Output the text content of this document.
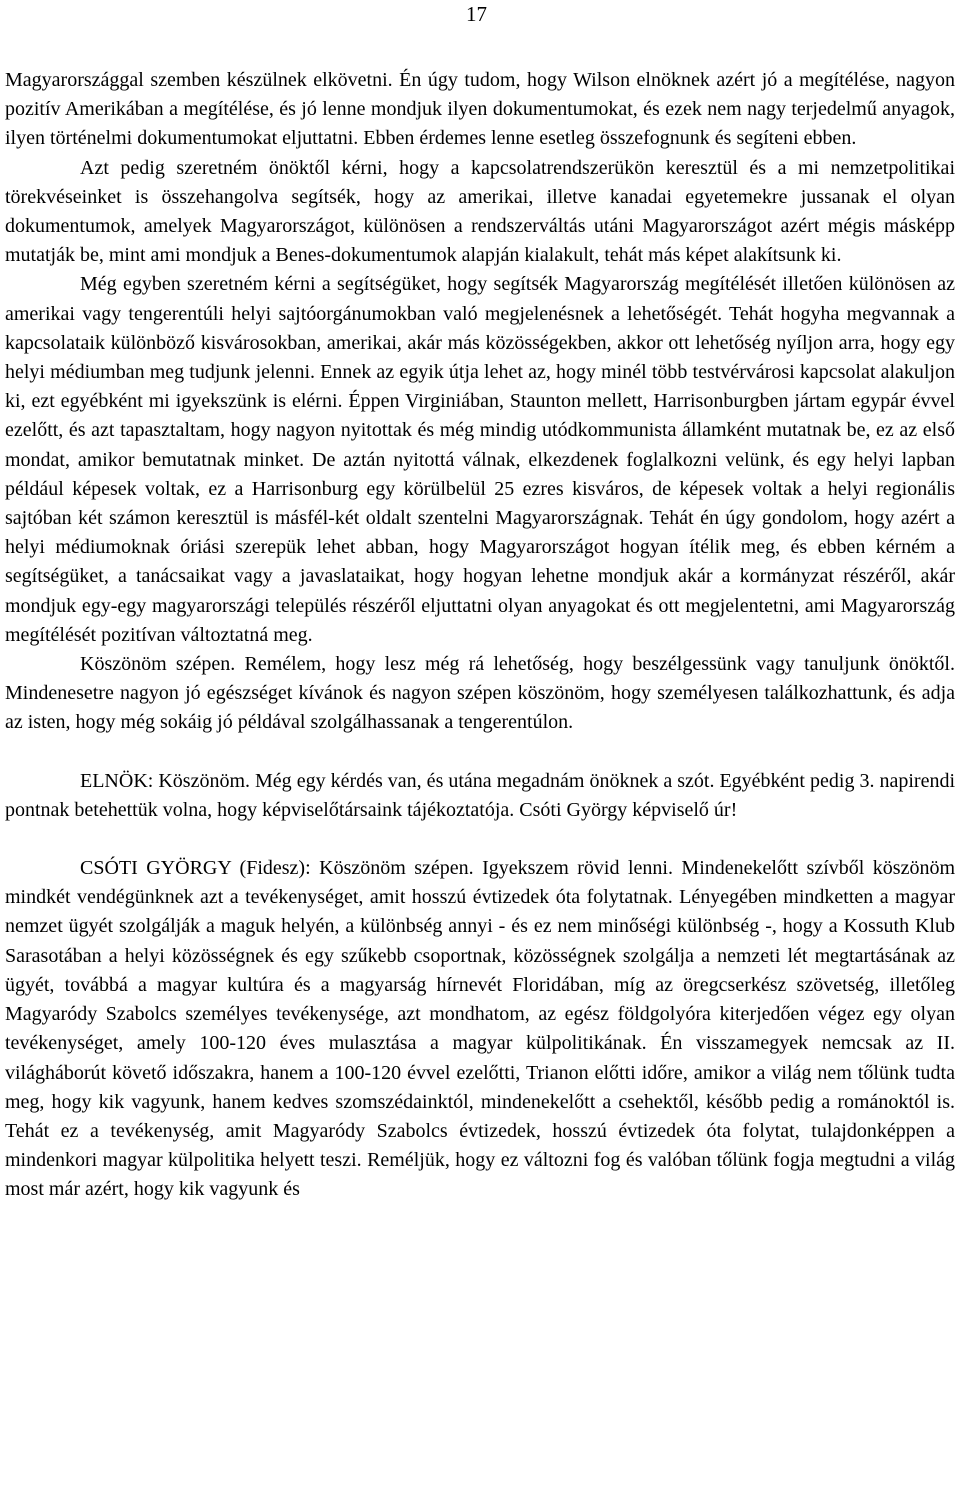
17

Magyarországgal szemben készülnek elkövetni. Én úgy tudom, hogy Wilson elnöknek azért jó a megítélése, nagyon pozitív Amerikában a megítélése, és jó lenne mondjuk ilyen dokumentumokat, és ezek nem nagy terjedelmű anyagok, ilyen történelmi dokumentumokat eljuttatni. Ebben érdemes lenne esetleg összefognunk és segíteni ebben.

Azt pedig szeretném önöktől kérni, hogy a kapcsolatrendszerükön keresztül és a mi nemzetpolitikai törekvéseinket is összehangolva segítsék, hogy az amerikai, illetve kanadai egyetemekre jussanak el olyan dokumentumok, amelyek Magyarországot, különösen a rendszerváltás utáni Magyarországot azért mégis másképp mutatják be, mint ami mondjuk a Benes-dokumentumok alapján kialakult, tehát más képet alakítsunk ki.

Még egyben szeretném kérni a segítségüket, hogy segítsék Magyarország megítélését illetően különösen az amerikai vagy tengerentúli helyi sajtóorgánumokban való megjelenésnek a lehetőségét. Tehát hogyha megvannak a kapcsolataik különböző kisvárosokban, amerikai, akár más közösségekben, akkor ott lehetőség nyíljon arra, hogy egy helyi médiumban meg tudjunk jelenni. Ennek az egyik útja lehet az, hogy minél több testvérvárosi kapcsolat alakuljon ki, ezt egyébként mi igyekszünk is elérni. Éppen Virginiában, Staunton mellett, Harrisonburgben jártam egypár évvel ezelőtt, és azt tapasztaltam, hogy nagyon nyitottak és még mindig utódkommunista államként mutatnak be, ez az első mondat, amikor bemutatnak minket. De aztán nyitottá válnak, elkezdenek foglalkozni velünk, és egy helyi lapban például képesek voltak, ez a Harrisonburg egy körülbelül 25 ezres kisváros, de képesek voltak a helyi regionális sajtóban két számon keresztül is másfél-két oldalt szentelni Magyarországnak. Tehát én úgy gondolom, hogy azért a helyi médiumoknak óriási szerepük lehet abban, hogy Magyarországot hogyan ítélik meg, és ebben kérném a segítségüket, a tanácsaikat vagy a javaslataikat, hogy hogyan lehetne mondjuk akár a kormányzat részéről, akár mondjuk egy-egy magyarországi település részéről eljuttatni olyan anyagokat és ott megjelentetni, ami Magyarország megítélését pozitívan változtatná meg.

Köszönöm szépen. Remélem, hogy lesz még rá lehetőség, hogy beszélgessünk vagy tanuljunk önöktől. Mindenesetre nagyon jó egészséget kívánok és nagyon szépen köszönöm, hogy személyesen találkozhattunk, és adja az isten, hogy még sokáig jó példával szolgálhassanak a tengerentúlon.

ELNÖK: Köszönöm. Még egy kérdés van, és utána megadnám önöknek a szót. Egyébként pedig 3. napirendi pontnak betehettük volna, hogy képviselőtársaink tájékoztatója. Csóti György képviselő úr!

CSÓTI GYÖRGY (Fidesz): Köszönöm szépen. Igyekszem rövid lenni. Mindenekelőtt szívből köszönöm mindkét vendégünknek azt a tevékenységet, amit hosszú évtizedek óta folytatnak. Lényegében mindketten a magyar nemzet ügyét szolgálják a maguk helyén, a különbség annyi - és ez nem minőségi különbség -, hogy a Kossuth Klub Sarasotában a helyi közösségnek és egy szűkebb csoportnak, közösségnek szolgálja a nemzeti lét megtartásának az ügyét, továbbá a magyar kultúra és a magyarság hírnevét Floridában, míg az öregcserkész szövetség, illetőleg Magyaródy Szabolcs személyes tevékenysége, azt mondhatom, az egész földgolyóra kiterjedően végez egy olyan tevékenységet, amely 100-120 éves mulasztása a magyar külpolitikának. Én visszamegyek nemcsak az II. világháborút követő időszakra, hanem a 100-120 évvel ezelőtti, Trianon előtti időre, amikor a világ nem tőlünk tudta meg, hogy kik vagyunk, hanem kedves szomszédainktól, mindenekelőtt a csehektől, később pedig a románoktól is. Tehát ez a tevékenység, amit Magyaródy Szabolcs évtizedek, hosszú évtizedek óta folytat, tulajdonképpen a mindenkori magyar külpolitika helyett teszi. Reméljük, hogy ez változni fog és valóban tőlünk fogja megtudni a világ most már azért, hogy kik vagyunk és
